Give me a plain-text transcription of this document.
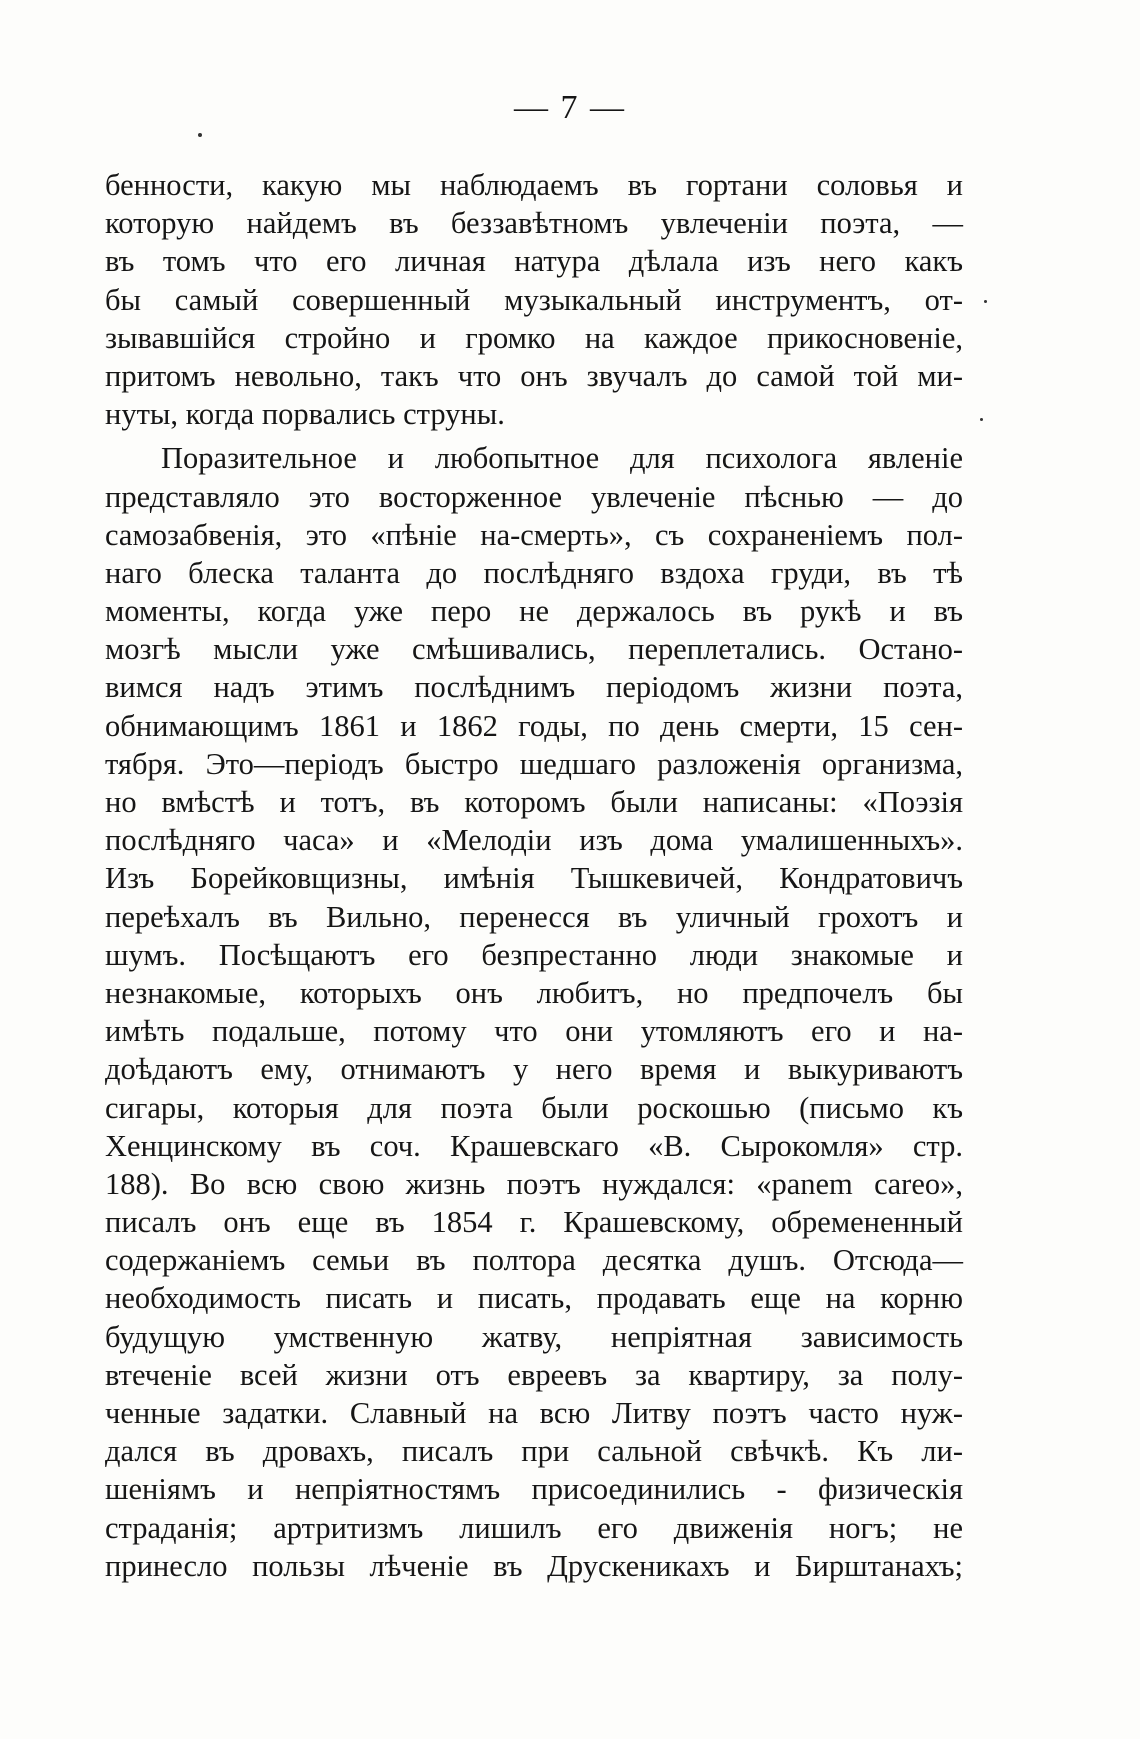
— 7 —
бенности, какую мы наблюдаемъ въ гортани соловья и
которую найдемъ въ беззавѣтномъ увлеченіи поэта, —
въ томъ что его личная натура дѣлала изъ него какъ
бы самый совершенный музыкальный инструментъ, от-
зывавшійся стройно и громко на каждое прикосновеніе,
притомъ невольно, такъ что онъ звучалъ до самой той ми-
нуты, когда порвались струны.
Поразительное и любопытное для психолога явленіе
представляло это восторженное увлеченіе пѣснью — до
самозабвенія, это «пѣніе на-смерть», съ сохраненіемъ пол-
наго блеска таланта до послѣдняго вздоха груди, въ тѣ
моменты, когда уже перо не держалось въ рукѣ и въ
мозгѣ мысли уже смѣшивались, переплетались. Остано-
вимся надъ этимъ послѣднимъ періодомъ жизни поэта,
обнимающимъ 1861 и 1862 годы, по день смерти, 15 сен-
тября. Это—періодъ быстро шедшаго разложенія организма,
но вмѣстѣ и тотъ, въ которомъ были написаны: «Поэзія
послѣдняго часа» и «Мелодіи изъ дома умалишенныхъ».
Изъ Борейковщизны, имѣнія Тышкевичей, Кондратовичъ
переѣхалъ въ Вильно, перенесся въ уличный грохотъ и
шумъ. Посѣщаютъ его безпрестанно люди знакомые и
незнакомые, которыхъ онъ любитъ, но предпочелъ бы
имѣть подальше, потому что они утомляютъ его и на-
доѣдаютъ ему, отнимаютъ у него время и выкуриваютъ
сигары, которыя для поэта были роскошью (письмо къ
Хенцинскому въ соч. Крашевскаго «В. Сырокомля» стр.
188). Во всю свою жизнь поэтъ нуждался: «panem careo»,
писалъ онъ еще въ 1854 г. Крашевскому, обремененный
содержаніемъ семьи въ полтора десятка душъ. Отсюда—
необходимость писать и писать, продавать еще на корню
будущую умственную жатву, непріятная зависимость
втеченіе всей жизни отъ евреевъ за квартиру, за полу-
ченные задатки. Славный на всю Литву поэтъ часто нуж-
дался въ дровахъ, писалъ при сальной свѣчкѣ. Къ ли-
шеніямъ и непріятностямъ присоединились - физическія
страданія; артритизмъ лишилъ его движенія ногъ; не
принесло пользы лѣченіе въ Друскеникахъ и Бирштанахъ;
